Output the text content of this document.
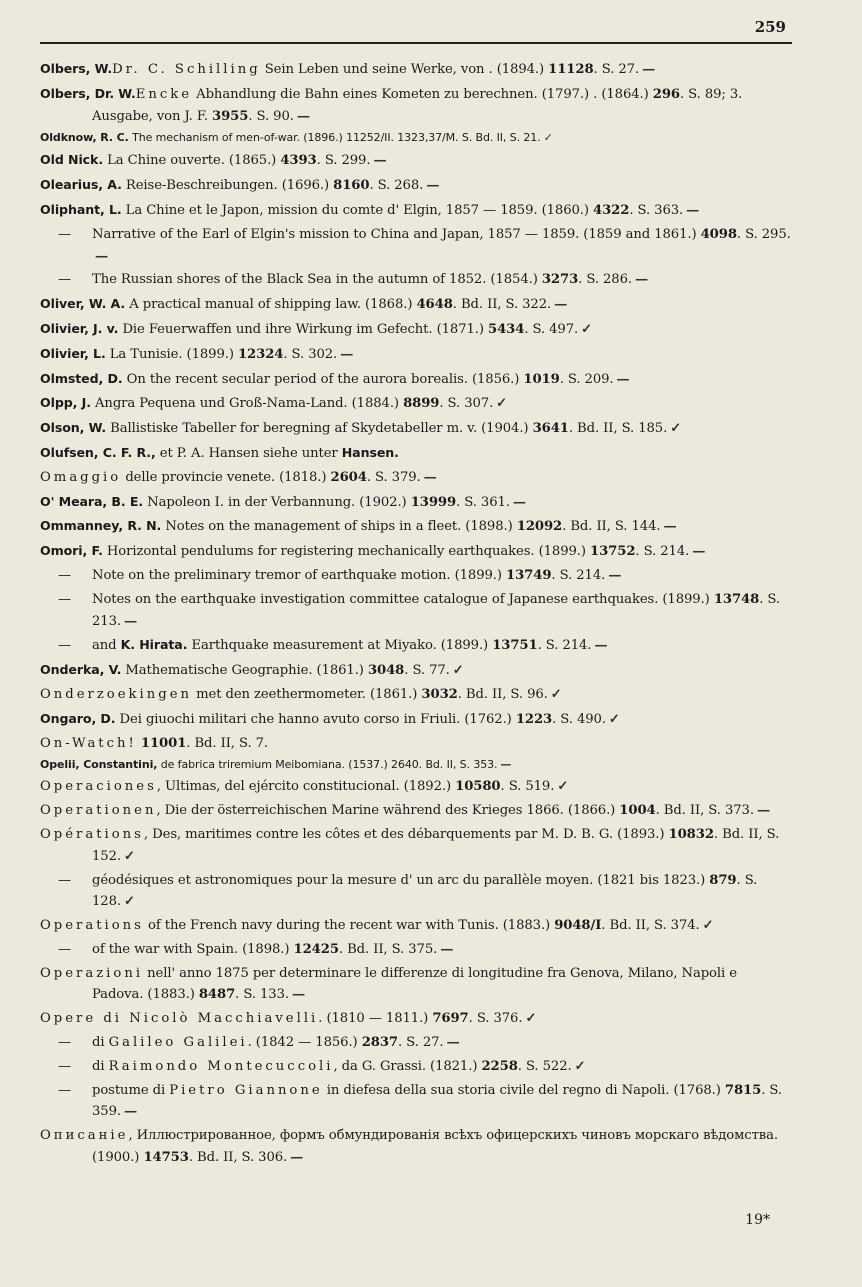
259
Olbers, W.Dr. C. Schilling Sein Leben und seine Werke, von . (1894.) 11128. S. 27. —
Olbers, Dr. W.Encke Abhandlung die Bahn eines Kometen zu berechnen. (1797.) . (1864.) 296. S. 89; 3. Ausgabe, von J. F. 3955. S. 90. —
Oldknow, R. C. The mechanism of men-of-war. (1896.) 11252/II. 1323,37/M. S. Bd. II, S. 21. ✓
Old Nick. La Chine ouverte. (1865.) 4393. S. 299. —
Olearius, A. Reise-Beschreibungen. (1696.) 8160. S. 268. —
Oliphant, L. La Chine et le Japon, mission du comte d' Elgin, 1857 — 1859. (1860.) 4322. S. 363. —
— Narrative of the Earl of Elgin's mission to China and Japan, 1857 — 1859. (1859 and 1861.) 4098. S. 295.—
— The Russian shores of the Black Sea in the autumn of 1852. (1854.) 3273. S. 286. —
Oliver, W. A. A practical manual of shipping law. (1868.) 4648. Bd. II, S. 322. —
Olivier, J. v. Die Feuerwaffen und ihre Wirkung im Gefecht. (1871.) 5434. S. 497. ✓
Olivier, L. La Tunisie. (1899.) 12324. S. 302. —
Olmsted, D. On the recent secular period of the aurora borealis. (1856.) 1019. S. 209. —
Olpp, J. Angra Pequena und Groß-Nama-Land. (1884.) 8899. S. 307. ✓
Olson, W. Ballistiske Tabeller for beregning af Skydetabeller m. v. (1904.) 3641. Bd. II, S. 185. ✓
Olufsen, C. F. R., et P. A. Hansen siehe unter Hansen.
Omaggio delle provincie venete. (1818.) 2604. S. 379. —
O' Meara, B. E. Napoleon I. in der Verbannung. (1902.) 13999. S. 361. —
Ommanney, R. N. Notes on the management of ships in a fleet. (1898.) 12092. Bd. II, S. 144. —
Omori, F. Horizontal pendulums for registering mechanically earthquakes. (1899.) 13752. S. 214. —
— Note on the preliminary tremor of earthquake motion. (1899.) 13749. S. 214. —
— Notes on the earthquake investigation committee catalogue of Japanese earthquakes. (1899.) 13748. S. 213. —
— and K. Hirata. Earthquake measurement at Miyako. (1899.) 13751. S. 214. —
Onderka, V. Mathematische Geographie. (1861.) 3048. S. 77. ✓
Onderzoekingen met den zeethermometer. (1861.) 3032. Bd. II, S. 96. ✓
Ongaro, D. Dei giuochi militari che hanno avuto corso in Friuli. (1762.) 1223. S. 490. ✓
On-Watch! 11001. Bd. II, S. 7.
Opelii, Constantini, de fabrica triremium Meibomiana. (1537.) 2640. Bd. II, S. 353. —
Operaciones, Ultimas, del ejército constitucional. (1892.) 10580. S. 519. ✓
Operationen, Die der österreichischen Marine während des Krieges 1866. (1866.) 1004. Bd. II, S. 373. —
Opérations, Des, maritimes contre les côtes et des débarquements par M. D. B. G. (1893.) 10832. Bd. II, S. 152. ✓
— géodésiques et astronomiques pour la mesure d' un arc du parallèle moyen. (1821 bis 1823.) 879. S. 128. ✓
Operations of the French navy during the recent war with Tunis. (1883.) 9048/I. Bd. II, S. 374. ✓
— of the war with Spain. (1898.) 12425. Bd. II, S. 375. —
Operazioni nell' anno 1875 per determinare le differenze di longitudine fra Genova, Milano, Napoli e Padova. (1883.) 8487. S. 133. —
Opere di Nicolò Macchiavelli. (1810 — 1811.) 7697. S. 376. ✓
— di Galileo Galilei. (1842 — 1856.) 2837. S. 27. —
— di Raimondo Montecuccoli, da G. Grassi. (1821.) 2258. S. 522. ✓
— postume di Pietro Giannone in diefesa della sua storia civile del regno di Napoli. (1768.) 7815. S. 359. —
Описаніе, Иллюстрированное, формъ обмундированія всѣхъ офицерскихъ чиновъ морскаго вѣдомства. (1900.) 14753. Bd. II, S. 306. —
19*
